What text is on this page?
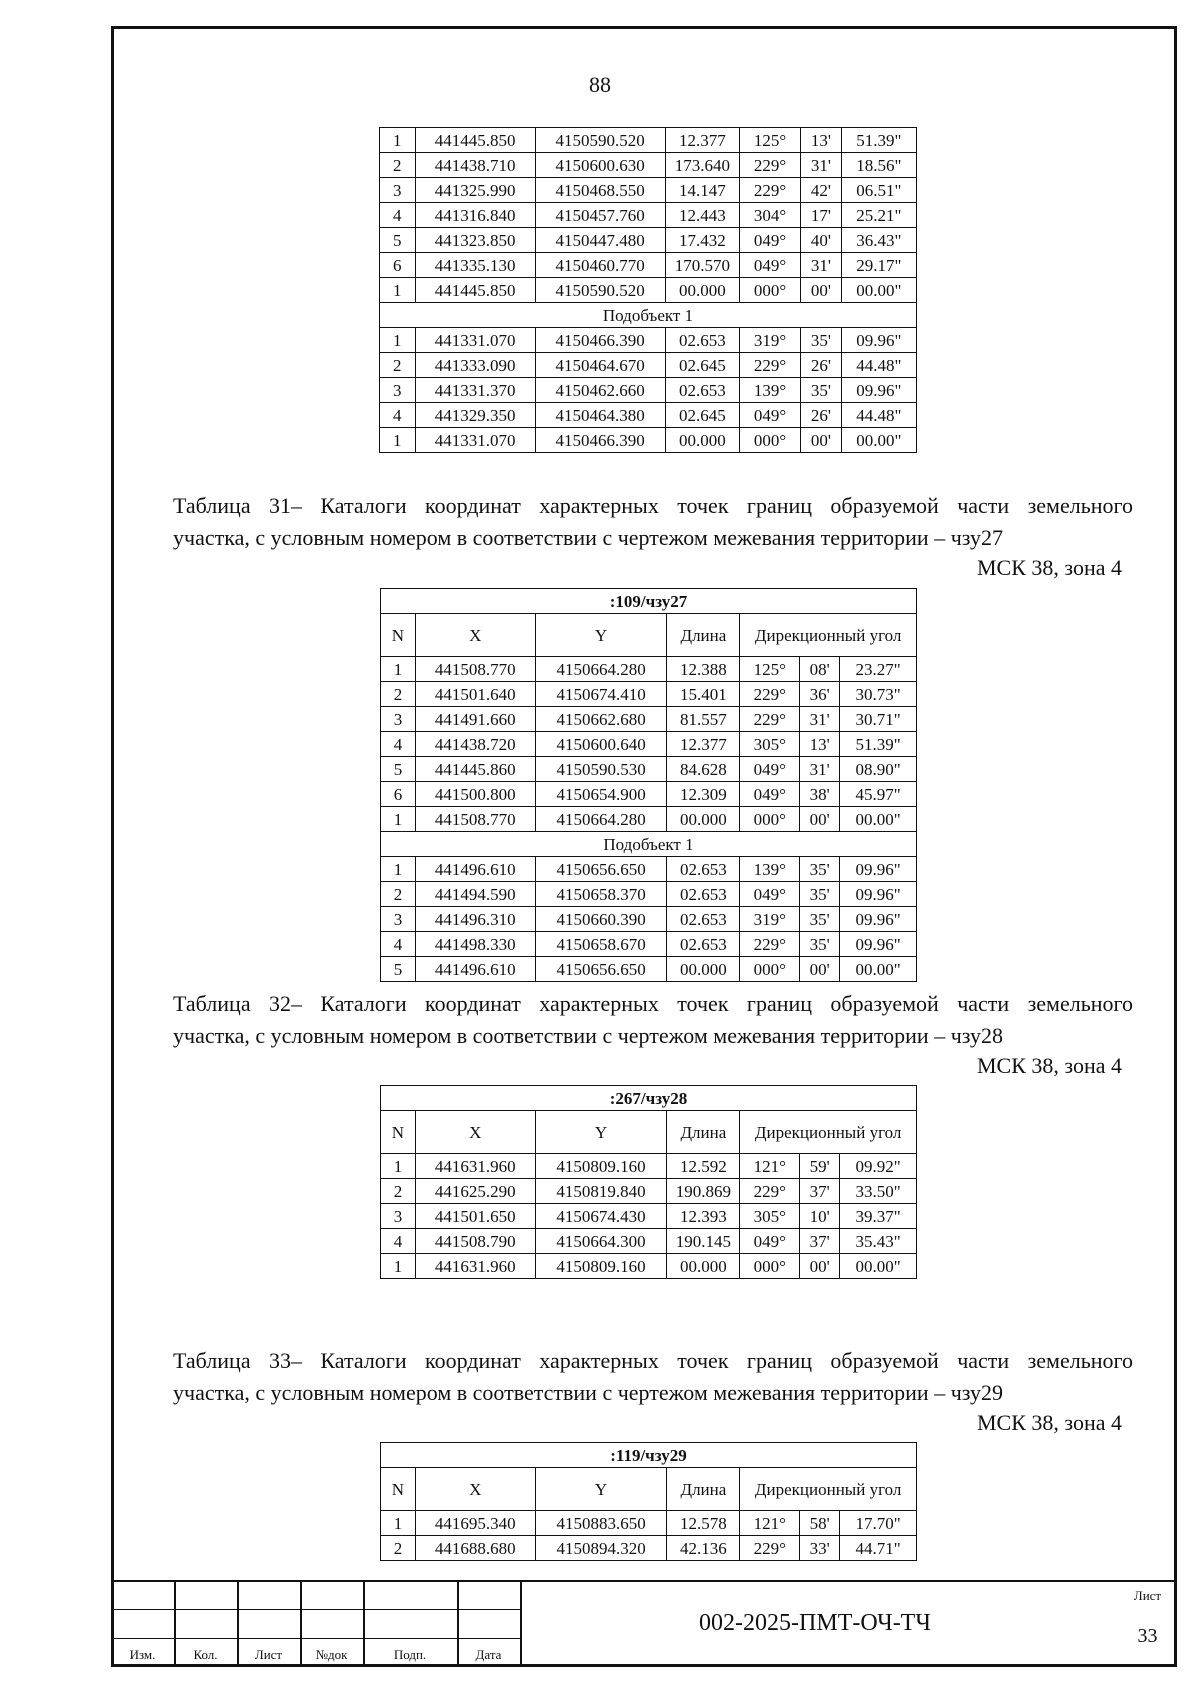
88
1	441445.850	4150590.520	12.377	125°	13'	51.39"
2	441438.710	4150600.630	173.640	229°	31'	18.56"
3	441325.990	4150468.550	14.147	229°	42'	06.51"
4	441316.840	4150457.760	12.443	304°	17'	25.21"
5	441323.850	4150447.480	17.432	049°	40'	36.43"
6	441335.130	4150460.770	170.570	049°	31'	29.17"
1	441445.850	4150590.520	00.000	000°	00'	00.00"
Подобъект 1						
1	441331.070	4150466.390	02.653	319°	35'	09.96"
2	441333.090	4150464.670	02.645	229°	26'	44.48"
3	441331.370	4150462.660	02.653	139°	35'	09.96"
4	441329.350	4150464.380	02.645	049°	26'	44.48"
1	441331.070	4150466.390	00.000	000°	00'	00.00"
Таблица 31– Каталоги координат характерных точек границ образуемой части земельного
участка, с условным номером в соответствии с чертежом межевания территории – чзу27
МСК 38, зона 4
:109/чзу27						
N	X	Y	Длина	Дирекционный угол		
1	441508.770	4150664.280	12.388	125°	08'	23.27"
2	441501.640	4150674.410	15.401	229°	36'	30.73"
3	441491.660	4150662.680	81.557	229°	31'	30.71"
4	441438.720	4150600.640	12.377	305°	13'	51.39"
5	441445.860	4150590.530	84.628	049°	31'	08.90"
6	441500.800	4150654.900	12.309	049°	38'	45.97"
1	441508.770	4150664.280	00.000	000°	00'	00.00"
Подобъект 1						
1	441496.610	4150656.650	02.653	139°	35'	09.96"
2	441494.590	4150658.370	02.653	049°	35'	09.96"
3	441496.310	4150660.390	02.653	319°	35'	09.96"
4	441498.330	4150658.670	02.653	229°	35'	09.96"
5	441496.610	4150656.650	00.000	000°	00'	00.00"
Таблица 32– Каталоги координат характерных точек границ образуемой части земельного
участка, с условным номером в соответствии с чертежом межевания территории – чзу28
МСК 38, зона 4
:267/чзу28						
N	X	Y	Длина	Дирекционный угол		
1	441631.960	4150809.160	12.592	121°	59'	09.92"
2	441625.290	4150819.840	190.869	229°	37'	33.50"
3	441501.650	4150674.430	12.393	305°	10'	39.37"
4	441508.790	4150664.300	190.145	049°	37'	35.43"
1	441631.960	4150809.160	00.000	000°	00'	00.00"
Таблица 33– Каталоги координат характерных точек границ образуемой части земельного
участка, с условным номером в соответствии с чертежом межевания территории – чзу29
МСК 38, зона 4
:119/чзу29						
N	X	Y	Длина	Дирекционный угол		
1	441695.340	4150883.650	12.578	121°	58'	17.70"
2	441688.680	4150894.320	42.136	229°	33'	44.71"
Изм.	Кол.	Лист	№док	Подп.	Дата
002-2025-ПМТ-ОЧ-ТЧ
Лист
33
